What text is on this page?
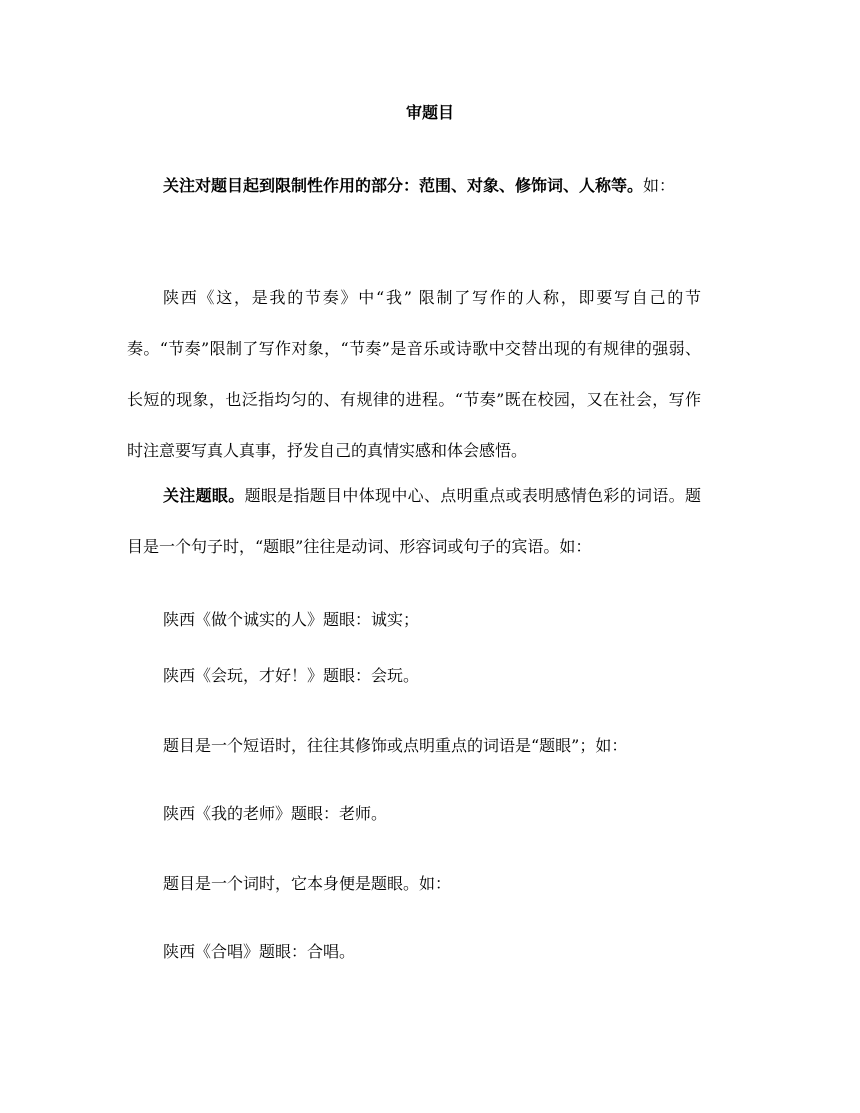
审题目

关注对题目起到限制性作用的部分：范围、对象、修饰词、人称等。如：

陕西《这，是我的节奏》中“我” 限制了写作的人称，即要写自己的节奏。“节奏”限制了写作对象，“节奏”是音乐或诗歌中交替出现的有规律的强弱、长短的现象，也泛指均匀的、有规律的进程。“节奏”既在校园，又在社会，写作时注意要写真人真事，抒发自己的真情实感和体会感悟。

关注题眼。题眼是指题目中体现中心、点明重点或表明感情色彩的词语。题目是一个句子时，“题眼”往往是动词、形容词或句子的宾语。如：

陕西《做个诚实的人》题眼：诚实；
陕西《会玩，才好！》题眼：会玩。
题目是一个短语时，往往其修饰或点明重点的词语是“题眼”；如：
陕西《我的老师》题眼：老师。
题目是一个词时，它本身便是题眼。如：
陕西《合唱》题眼：合唱。
